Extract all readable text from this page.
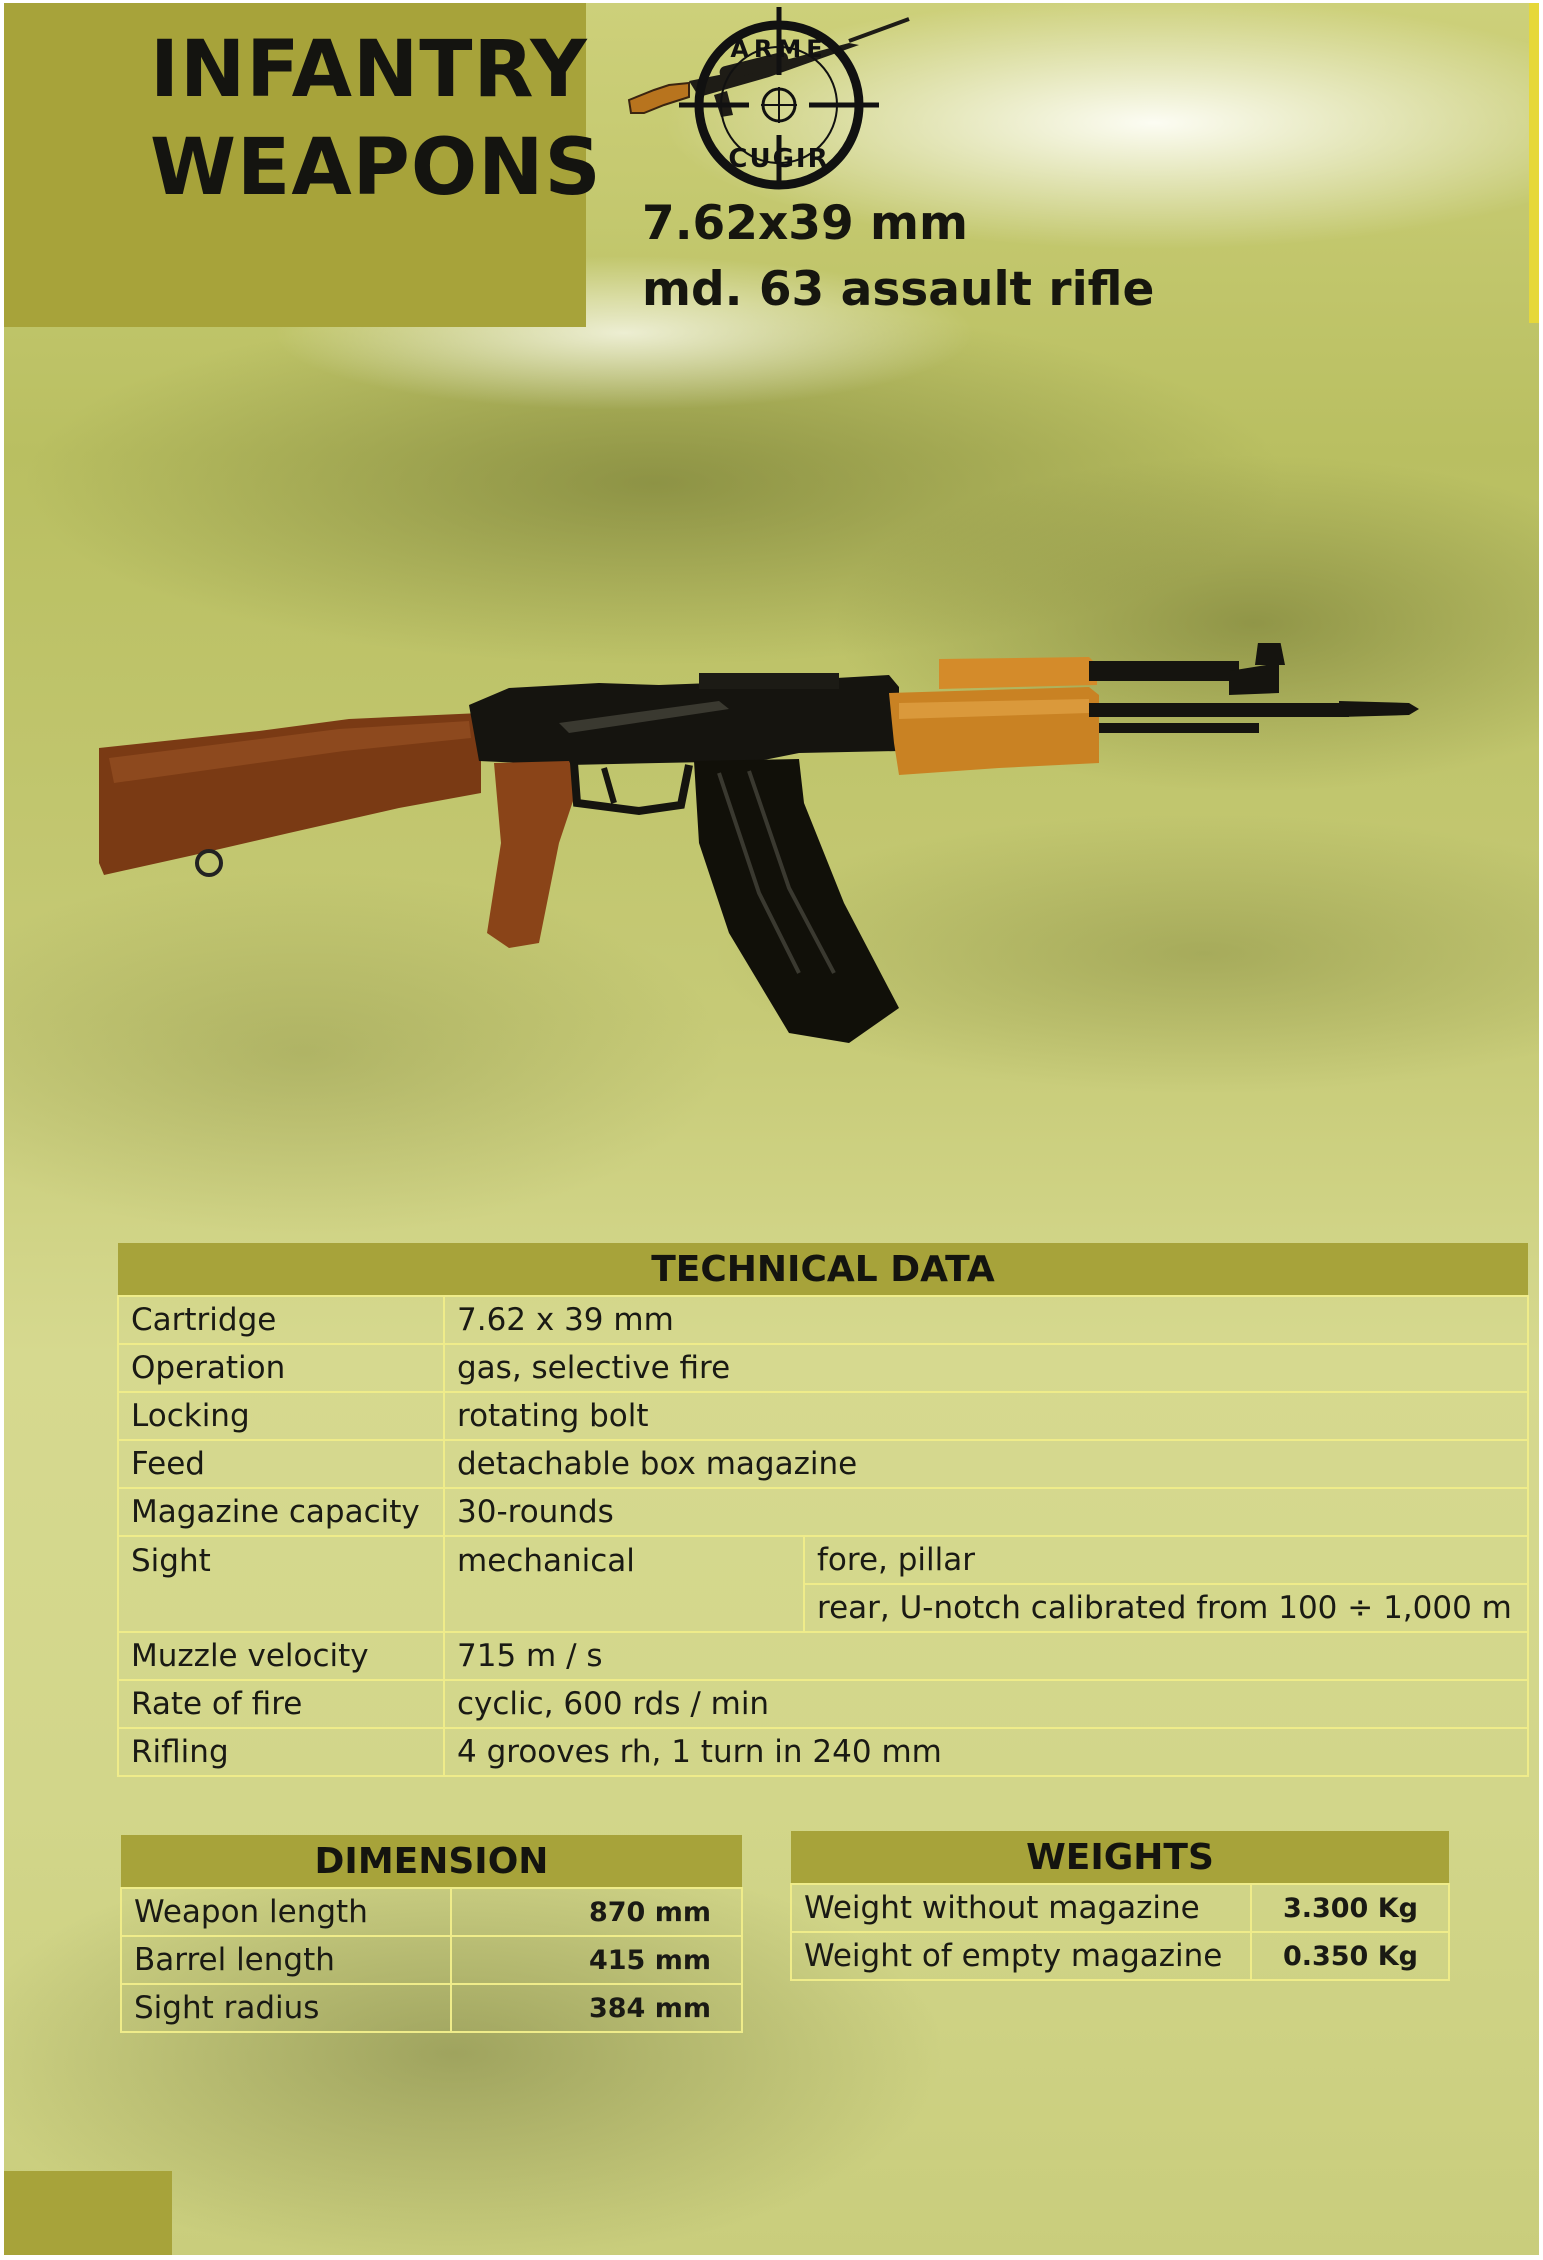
INFANTRY
WEAPONS
ARME
CUGIR
7.62x39 mm
md. 63 assault rifle
TECHNICAL DATA		
Cartridge	7.62 x 39 mm	
Operation	gas, selective fire	
Locking	rotating bolt	
Feed	detachable box magazine	
Magazine capacity	30-rounds	
Sight	mechanical	fore, pillar
		rear, U-notch calibrated from 100 ÷ 1,000 m
Muzzle velocity	715 m / s	
Rate of fire	cyclic, 600 rds / min	
Rifling	4 grooves rh, 1 turn in 240 mm	
DIMENSION	
Weapon length	870 mm
Barrel length	415 mm
Sight radius	384 mm
WEIGHTS	
Weight without magazine	3.300 Kg
Weight of empty magazine	0.350 Kg
